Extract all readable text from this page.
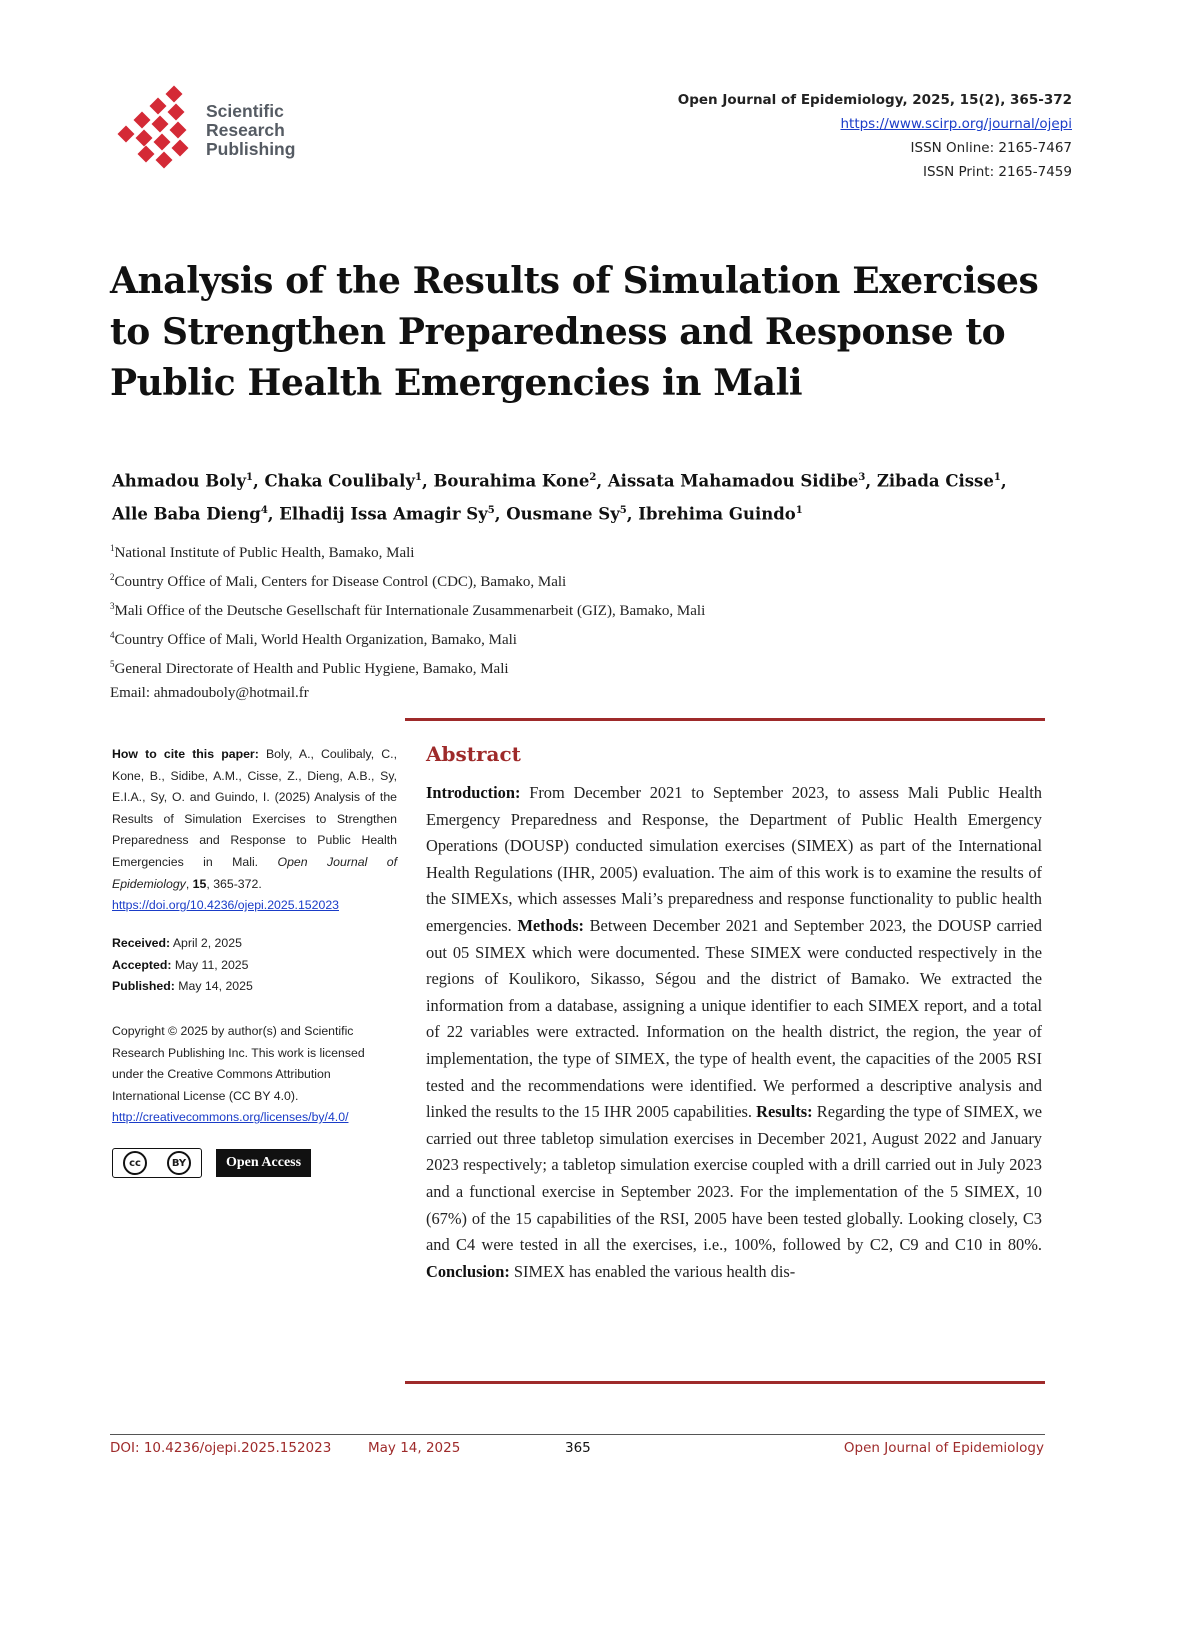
Scientific
Research
Publishing
Open Journal of Epidemiology, 2025, 15(2), 365-372
https://www.scirp.org/journal/ojepi
ISSN Online: 2165-7467
ISSN Print: 2165-7459
Analysis of the Results of Simulation Exercises
to Strengthen Preparedness and Response to
Public Health Emergencies in Mali
Ahmadou Boly$^1$, Chaka Coulibaly$^1$, Bourahima Kone$^2$, Aissata Mahamadou Sidibe$^3$, Zibada Cisse$^1$,
Alle Baba Dieng$^4$, Elhadij Issa Amagir Sy$^5$, Ousmane Sy$^5$, Ibrehima Guindo$^1$
$^1$National Institute of Public Health, Bamako, Mali
$^2$Country Office of Mali, Centers for Disease Control (CDC), Bamako, Mali
$^3$Mali Office of the Deutsche Gesellschaft für Internationale Zusammenarbeit (GIZ), Bamako, Mali
$^4$Country Office of Mali, World Health Organization, Bamako, Mali
$^5$General Directorate of Health and Public Hygiene, Bamako, Mali
Email: ahmadouboly@hotmail.fr
How to cite this paper: Boly, A., Coulibaly, C., Kone, B., Sidibe, A.M., Cisse, Z., Dieng, A.B., Sy, E.I.A., Sy, O. and Guindo, I. (2025) Analysis of the Results of Simulation Exercises to Strengthen Preparedness and Response to Public Health Emergencies in Mali. Open Journal of Epidemiology, 15, 365-372.
https://doi.org/10.4236/ojepi.2025.152023
Received: April 2, 2025
Accepted: May 11, 2025
Published: May 14, 2025
Copyright © 2025 by author(s) and Scientific Research Publishing Inc. This work is licensed under the Creative Commons Attribution International License (CC BY 4.0).
http://creativecommons.org/licenses/by/4.0/
cc	BY	Open Access
Abstract
Introduction: From December 2021 to September 2023, to assess Mali Public Health Emergency Preparedness and Response, the Department of Public Health Emergency Operations (DOUSP) conducted simulation exercises (SIMEX) as part of the International Health Regulations (IHR, 2005) evaluation. The aim of this work is to examine the results of the SIMEXs, which assesses Mali’s preparedness and response functionality to public health emergencies. Methods: Between December 2021 and September 2023, the DOUSP carried out 05 SIMEX which were documented. These SIMEX were conducted respectively in the regions of Koulikoro, Sikasso, Ségou and the district of Bamako. We extracted the information from a database, assigning a unique identifier to each SIMEX report, and a total of 22 variables were extracted. Information on the health district, the region, the year of implementation, the type of SIMEX, the type of health event, the capacities of the 2005 RSI tested and the recommendations were identified. We performed a descriptive analysis and linked the results to the 15 IHR 2005 capabilities. Results: Regarding the type of SIMEX, we carried out three tabletop simulation exercises in December 2021, August 2022 and January 2023 respectively; a tabletop simulation exercise coupled with a drill carried out in July 2023 and a functional exercise in September 2023. For the implementation of the 5 SIMEX, 10 (67%) of the 15 capabilities of the RSI, 2005 have been tested globally. Looking closely, C3 and C4 were tested in all the exercises, i.e., 100%, followed by C2, C9 and C10 in 80%. Conclusion: SIMEX has enabled the various health dis-
DOI: 10.4236/ojepi.2025.152023	May 14, 2025	365	Open Journal of Epidemiology
